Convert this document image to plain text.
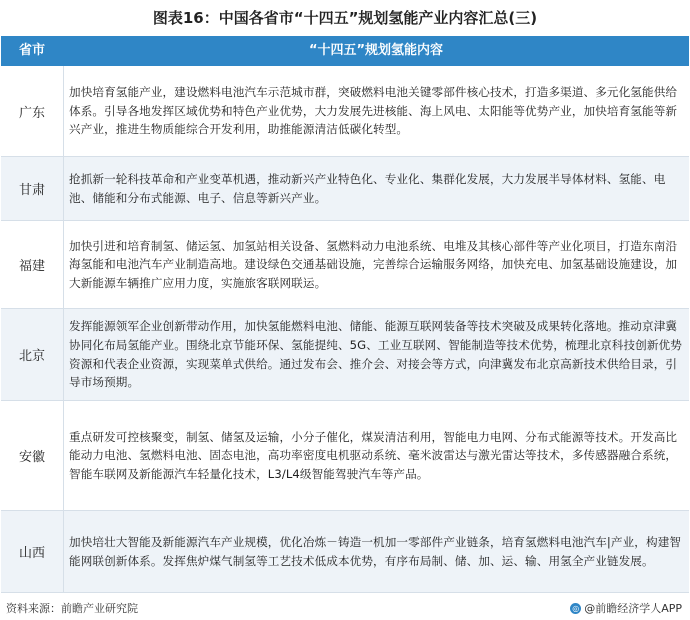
图表16：中国各省市“十四五”规划氢能产业内容汇总(三)
省市	“十四五”规划氢能内容
广东
加快培育氢能产业，建设燃料电池汽车示范城市群，突破燃料电池关键零部件核心技术，打造多渠道、多元化氢能供给体系。引导各地发挥区域优势和特色产业优势，大力发展先进核能、海上风电、太阳能等优势产业，加快培育氢能等新兴产业，推进生物质能综合开发利用，助推能源清洁低碳化转型。
甘肃
抢抓新一轮科技革命和产业变革机遇，推动新兴产业特色化、专业化、集群化发展，大力发展半导体材料、氢能、电池、储能和分布式能源、电子、信息等新兴产业。
福建
加快引进和培育制氢、储运氢、加氢站相关设备、氢燃料动力电池系统、电堆及其核心部件等产业化项目，打造东南沿海氢能和电池汽车产业制造高地。建设绿色交通基础设施，完善综合运输服务网络，加快充电、加氢基础设施建设，加大新能源车辆推广应用力度，实施旅客联网联运。
北京
发挥能源领军企业创新带动作用，加快氢能燃料电池、储能、能源互联网装备等技术突破及成果转化落地。推动京津冀协同化布局氢能产业。围绕北京节能环保、氢能提纯、5G、工业互联网、智能制造等技术优势，梳理北京科技创新优势资源和代表企业资源，实现菜单式供给。通过发布会、推介会、对接会等方式，向津冀发布北京高新技术供给目录，引导市场预期。
安徽
重点研发可控核聚变，制氢、储氢及运输，小分子催化，煤炭清洁利用，智能电力电网、分布式能源等技术。开发高比能动力电池、氢燃料电池、固态电池，高功率密度电机驱动系统、毫米波雷达与激光雷达等技术，多传感器融合系统，智能车联网及新能源汽车轻量化技术，L3/L4级智能驾驶汽车等产品。
山西
加快培壮大智能及新能源汽车产业规模，优化冶炼－铸造一机加一零部件产业链条，培育氢燃料电池汽车|产业，构建智能网联创新体系。发挥焦炉煤气制氢等工艺技术低成本优势，有序布局制、储、加、运、输、用氢全产业链发展。
资料来源：前瞻产业研究院	◎ @前瞻经济学人APP
